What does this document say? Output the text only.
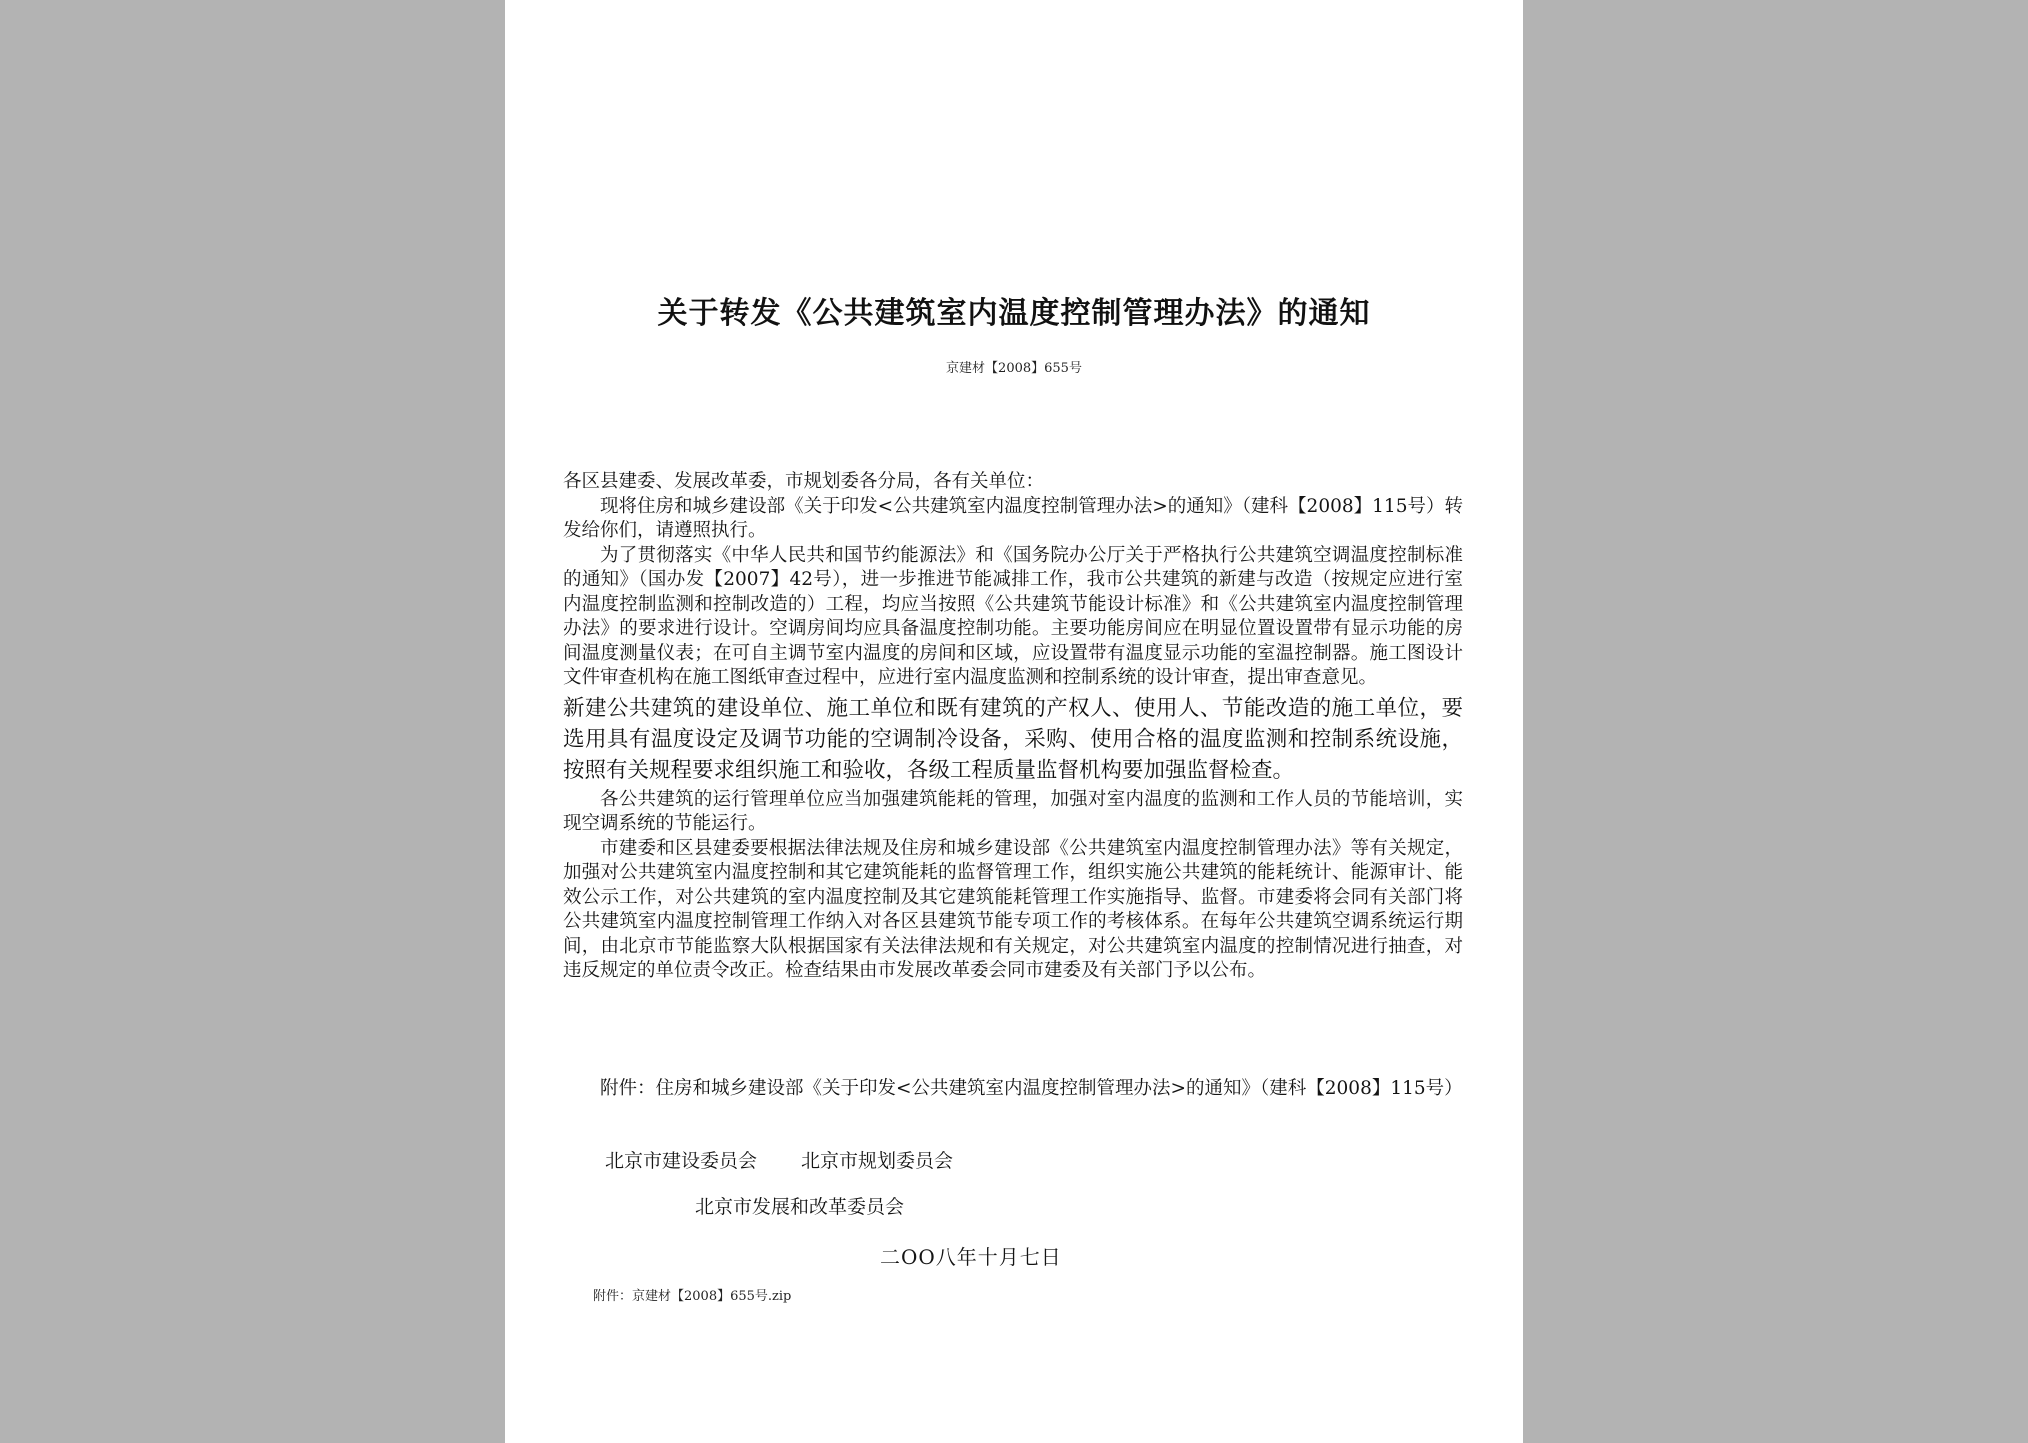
关于转发《公共建筑室内温度控制管理办法》的通知
京建材【2008】655号

各区县建委、发展改革委，市规划委各分局，各有关单位：

现将住房和城乡建设部《关于印发<公共建筑室内温度控制管理办法>的通知》（建科【2008】115号）转发给你们，请遵照执行。

为了贯彻落实《中华人民共和国节约能源法》和《国务院办公厅关于严格执行公共建筑空调温度控制标准的通知》（国办发【2007】42号），进一步推进节能减排工作，我市公共建筑的新建与改造（按规定应进行室内温度控制监测和控制改造的）工程，均应当按照《公共建筑节能设计标准》和《公共建筑室内温度控制管理办法》的要求进行设计。空调房间均应具备温度控制功能。主要功能房间应在明显位置设置带有显示功能的房间温度测量仪表；在可自主调节室内温度的房间和区域，应设置带有温度显示功能的室温控制器。施工图设计文件审查机构在施工图纸审查过程中，应进行室内温度监测和控制系统的设计审查，提出审查意见。

新建公共建筑的建设单位、施工单位和既有建筑的产权人、使用人、节能改造的施工单位，要选用具有温度设定及调节功能的空调制冷设备，采购、使用合格的温度监测和控制系统设施，按照有关规程要求组织施工和验收，各级工程质量监督机构要加强监督检查。

各公共建筑的运行管理单位应当加强建筑能耗的管理，加强对室内温度的监测和工作人员的节能培训，实现空调系统的节能运行。

市建委和区县建委要根据法律法规及住房和城乡建设部《公共建筑室内温度控制管理办法》等有关规定，加强对公共建筑室内温度控制和其它建筑能耗的监督管理工作，组织实施公共建筑的能耗统计、能源审计、能效公示工作，对公共建筑的室内温度控制及其它建筑能耗管理工作实施指导、监督。市建委将会同有关部门将公共建筑室内温度控制管理工作纳入对各区县建筑节能专项工作的考核体系。在每年公共建筑空调系统运行期间，由北京市节能监察大队根据国家有关法律法规和有关规定，对公共建筑室内温度的控制情况进行抽查，对违反规定的单位责令改正。检查结果由市发展改革委会同市建委及有关部门予以公布。

附件：住房和城乡建设部《关于印发<公共建筑室内温度控制管理办法>的通知》（建科【2008】115号）

北京市建设委员会 北京市规划委员会
北京市发展和改革委员会
二OO八年十月七日
附件：京建材【2008】655号.zip
